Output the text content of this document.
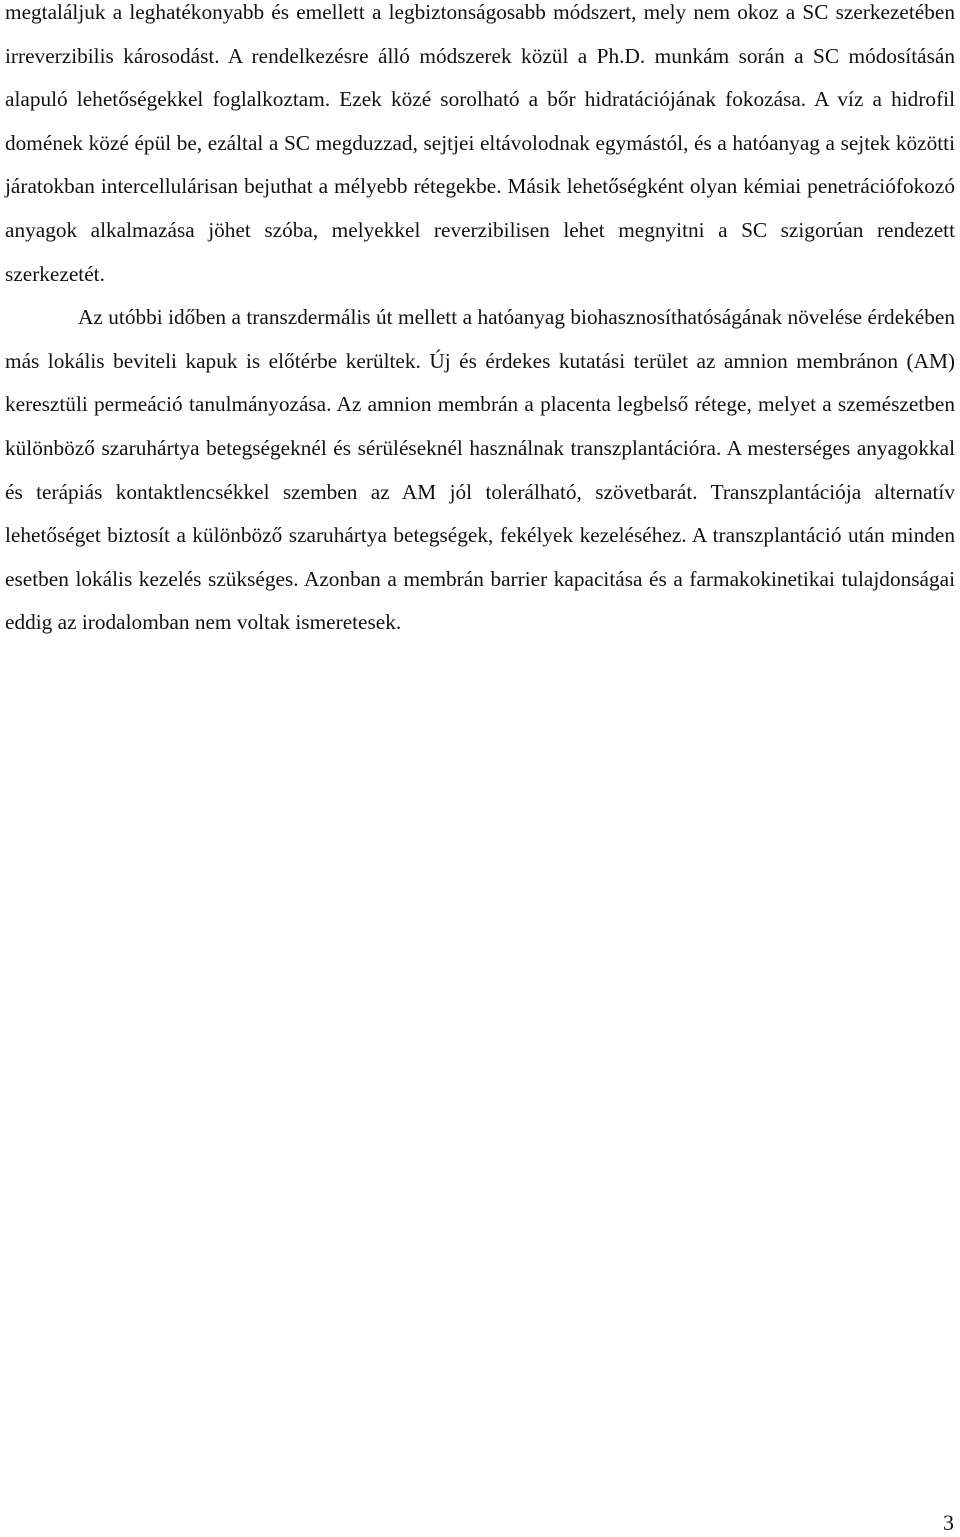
megtaláljuk a leghatékonyabb és emellett a legbiztonságosabb módszert, mely nem okoz a SC szerkezetében irreverzibilis károsodást. A rendelkezésre álló módszerek közül a Ph.D. munkám során a SC módosításán alapuló lehetőségekkel foglalkoztam. Ezek közé sorolható a bőr hidratációjának fokozása. A víz a hidrofil domének közé épül be, ezáltal a SC megduzzad, sejtjei eltávolodnak egymástól, és a hatóanyag a sejtek közötti járatokban intercellulárisan bejuthat a mélyebb rétegekbe. Másik lehetőségként olyan kémiai penetrációfokozó anyagok alkalmazása jöhet szóba, melyekkel reverzibilisen lehet megnyitni a SC szigorúan rendezett szerkezetét.

Az utóbbi időben a transzdermális út mellett a hatóanyag biohasznosíthatóságának növelése érdekében más lokális beviteli kapuk is előtérbe kerültek. Új és érdekes kutatási terület az amnion membránon (AM) keresztüli permeáció tanulmányozása. Az amnion membrán a placenta legbelső rétege, melyet a szemészetben különböző szaruhártya betegségeknél és sérüléseknél használnak transzplantációra. A mesterséges anyagokkal és terápiás kontaktlencsékkel szemben az AM jól tolerálható, szövetbarát. Transzplantációja alternatív lehetőséget biztosít a különböző szaruhártya betegségek, fekélyek kezeléséhez. A transzplantáció után minden esetben lokális kezelés szükséges. Azonban a membrán barrier kapacitása és a farmakokinetikai tulajdonságai eddig az irodalomban nem voltak ismeretesek.

3
